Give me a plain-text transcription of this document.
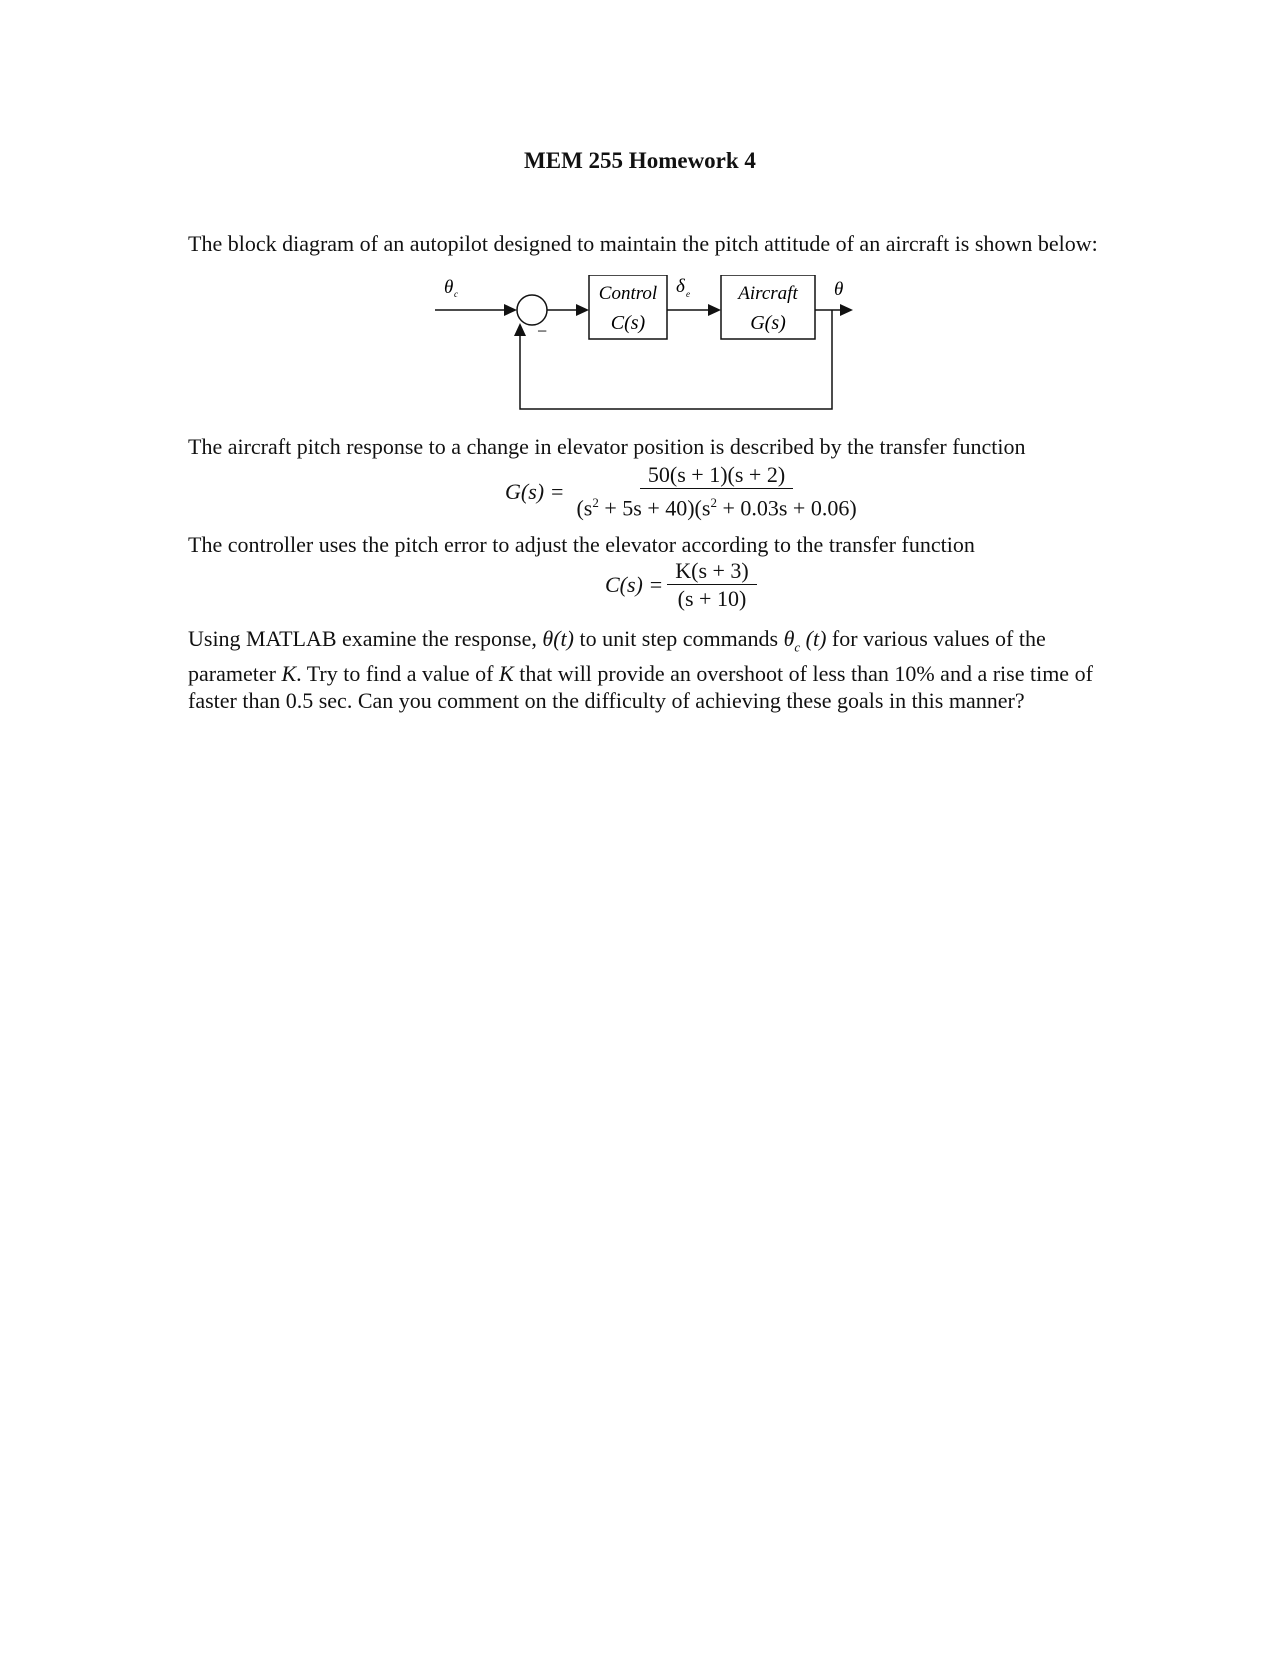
MEM 255 Homework 4
The block diagram of an autopilot designed to maintain the pitch attitude of an aircraft is shown below:
θ c	Control
C(s)
δ e	Aircraft
G(s)
θ
−
The aircraft pitch response to a change in elevator position is described by the transfer function
$G(s) = \frac{50(s + 1)(s + 2)}{(s^2 + 5s + 40)(s^2 + 0.03s + 0.06)}$
The controller uses the pitch error to adjust the elevator according to the transfer function
$C(s) = \frac{K(s + 3)}{(s + 10)}$
Using MATLAB examine the response, θ(t) to unit step commands $\theta_c$ (t) for various values of the parameter K. Try to find a value of K that will provide an overshoot of less than 10% and a rise time of faster than 0.5 sec. Can you comment on the difficulty of achieving these goals in this manner?
